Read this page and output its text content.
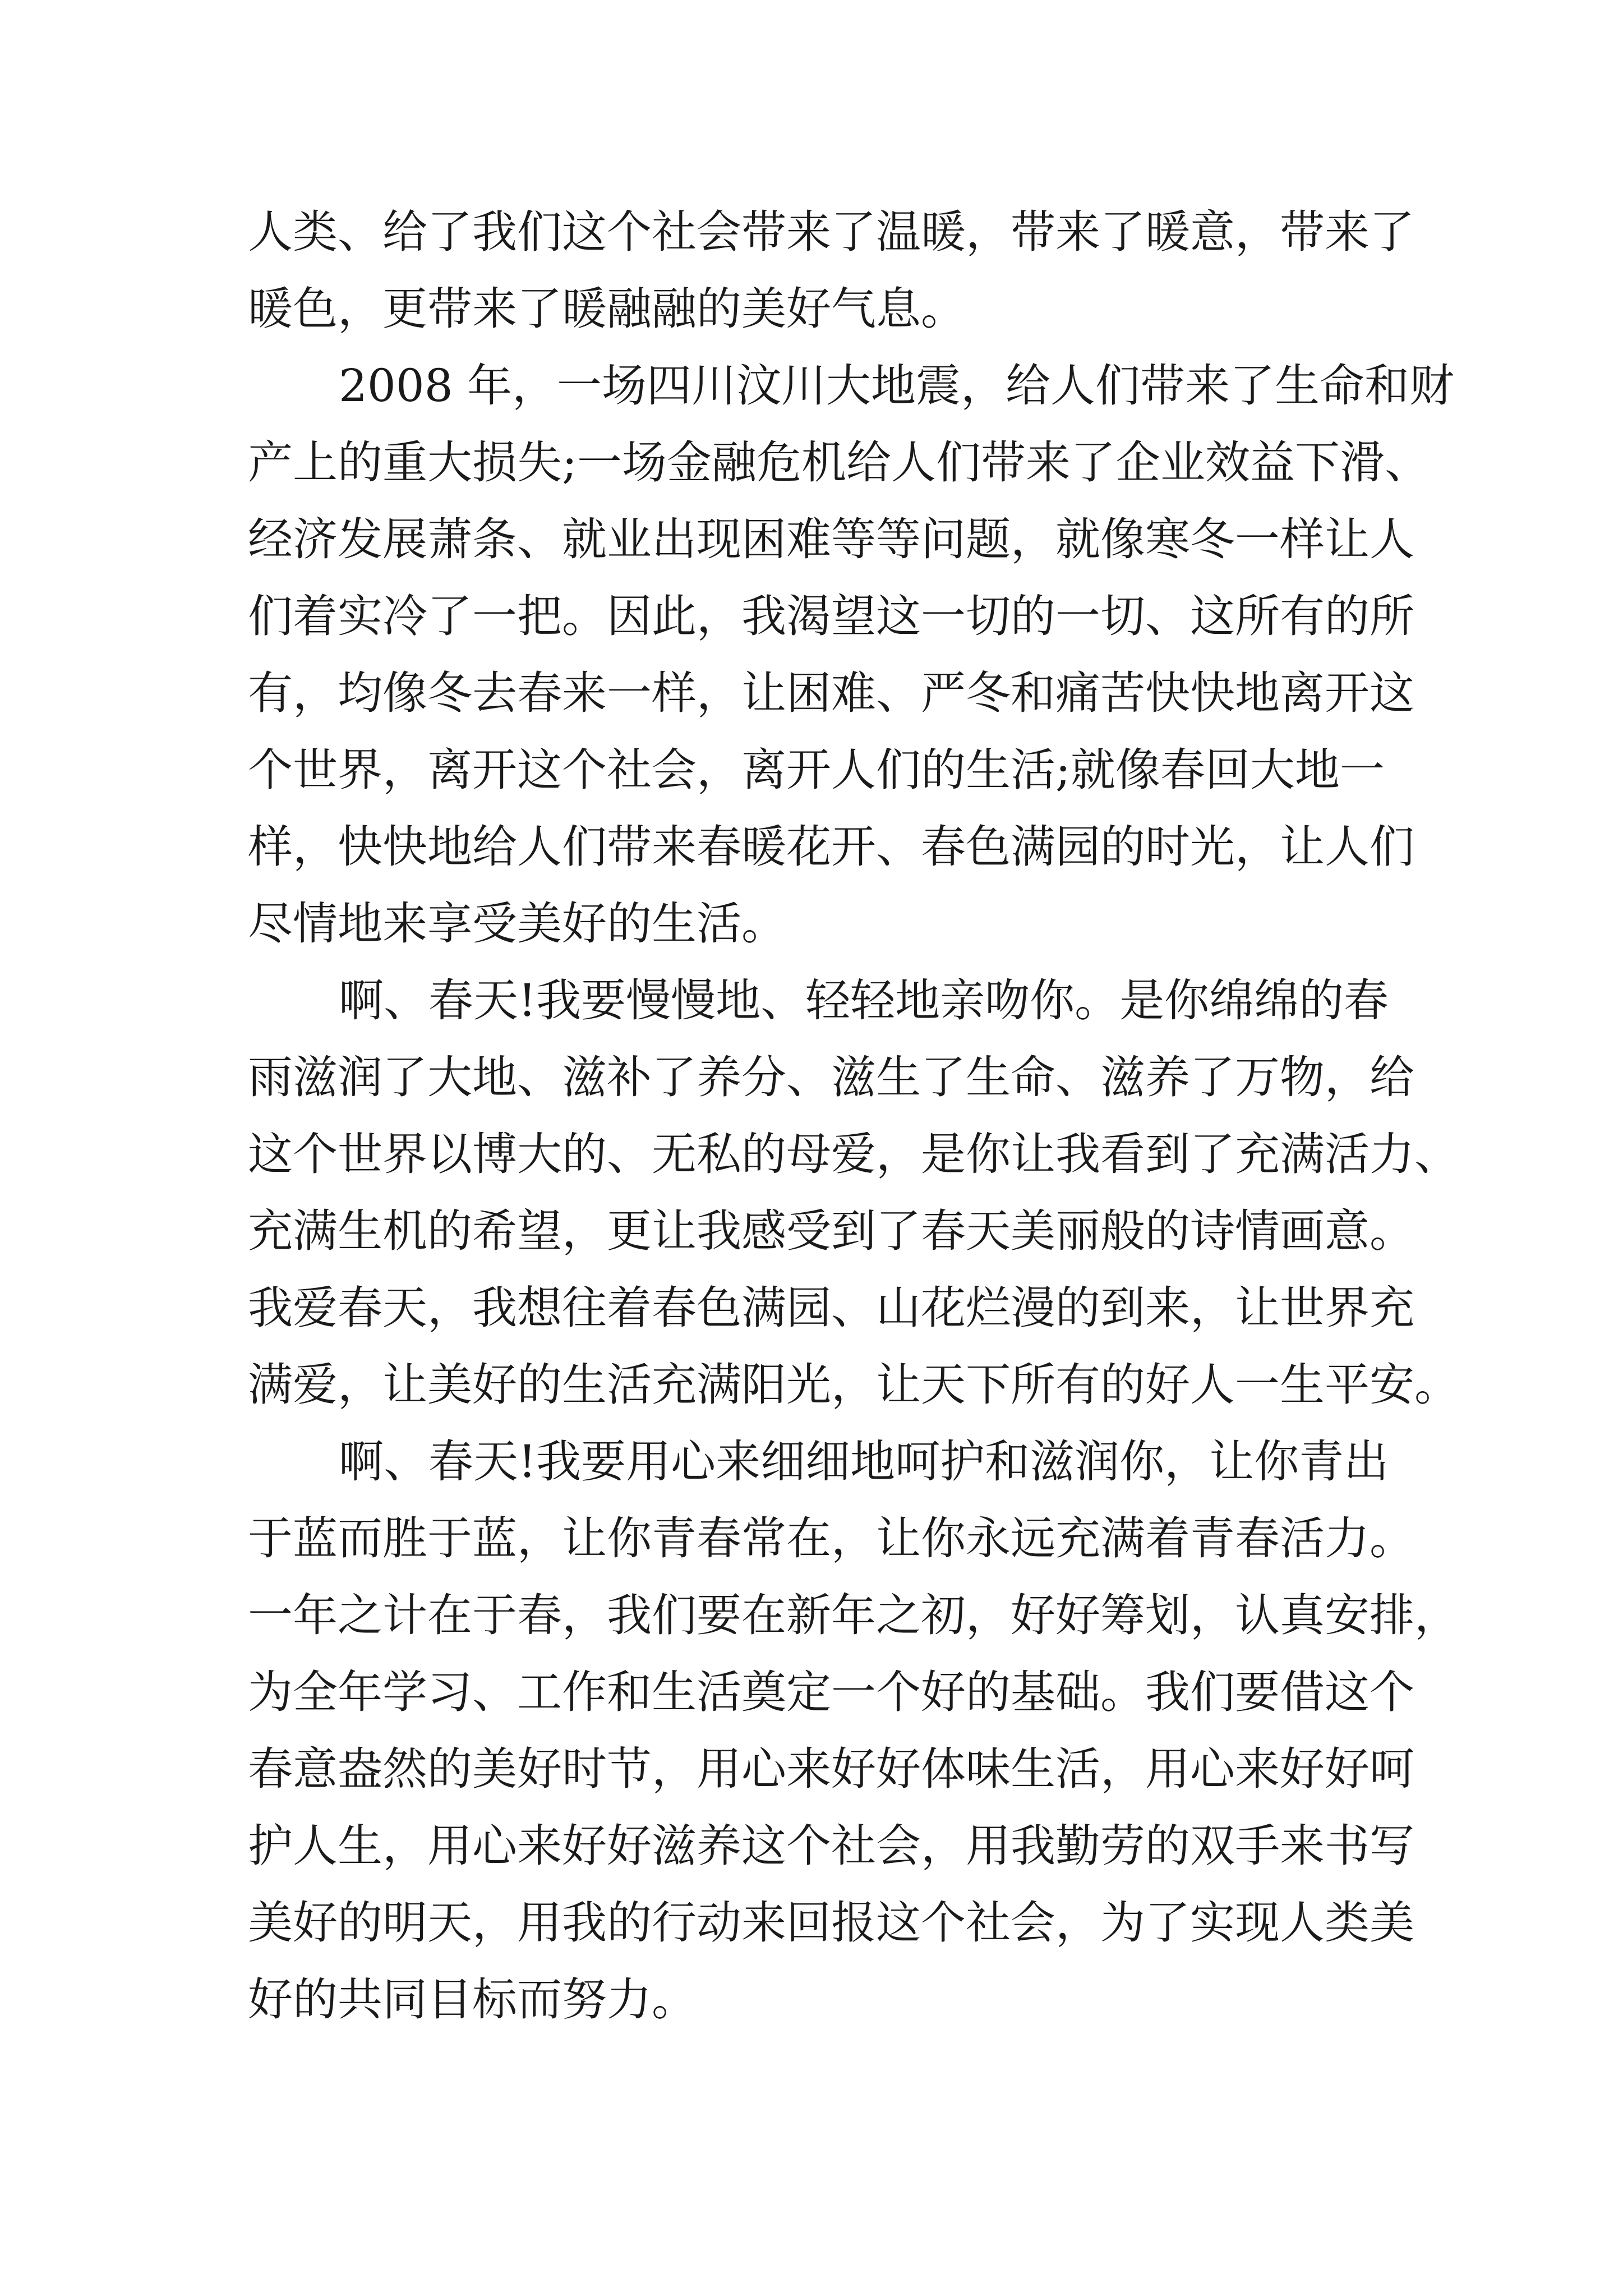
人类、给了我们这个社会带来了温暖，带来了暖意，带来了
暖色，更带来了暖融融的美好气息。
2008 年，一场四川汶川大地震，给人们带来了生命和财
产上的重大损失;一场金融危机给人们带来了企业效益下滑、
经济发展萧条、就业出现困难等等问题，就像寒冬一样让人
们着实冷了一把。因此，我渴望这一切的一切、这所有的所
有，均像冬去春来一样，让困难、严冬和痛苦快快地离开这
个世界，离开这个社会，离开人们的生活;就像春回大地一
样，快快地给人们带来春暖花开、春色满园的时光，让人们
尽情地来享受美好的生活。
啊、春天!我要慢慢地、轻轻地亲吻你。是你绵绵的春
雨滋润了大地、滋补了养分、滋生了生命、滋养了万物，给
这个世界以博大的、无私的母爱，是你让我看到了充满活力、
充满生机的希望，更让我感受到了春天美丽般的诗情画意。
我爱春天，我想往着春色满园、山花烂漫的到来，让世界充
满爱，让美好的生活充满阳光，让天下所有的好人一生平安。
啊、春天!我要用心来细细地呵护和滋润你，让你青出
于蓝而胜于蓝，让你青春常在，让你永远充满着青春活力。
一年之计在于春，我们要在新年之初，好好筹划，认真安排，
为全年学习、工作和生活奠定一个好的基础。我们要借这个
春意盎然的美好时节，用心来好好体味生活，用心来好好呵
护人生，用心来好好滋养这个社会，用我勤劳的双手来书写
美好的明天，用我的行动来回报这个社会，为了实现人类美
好的共同目标而努力。
